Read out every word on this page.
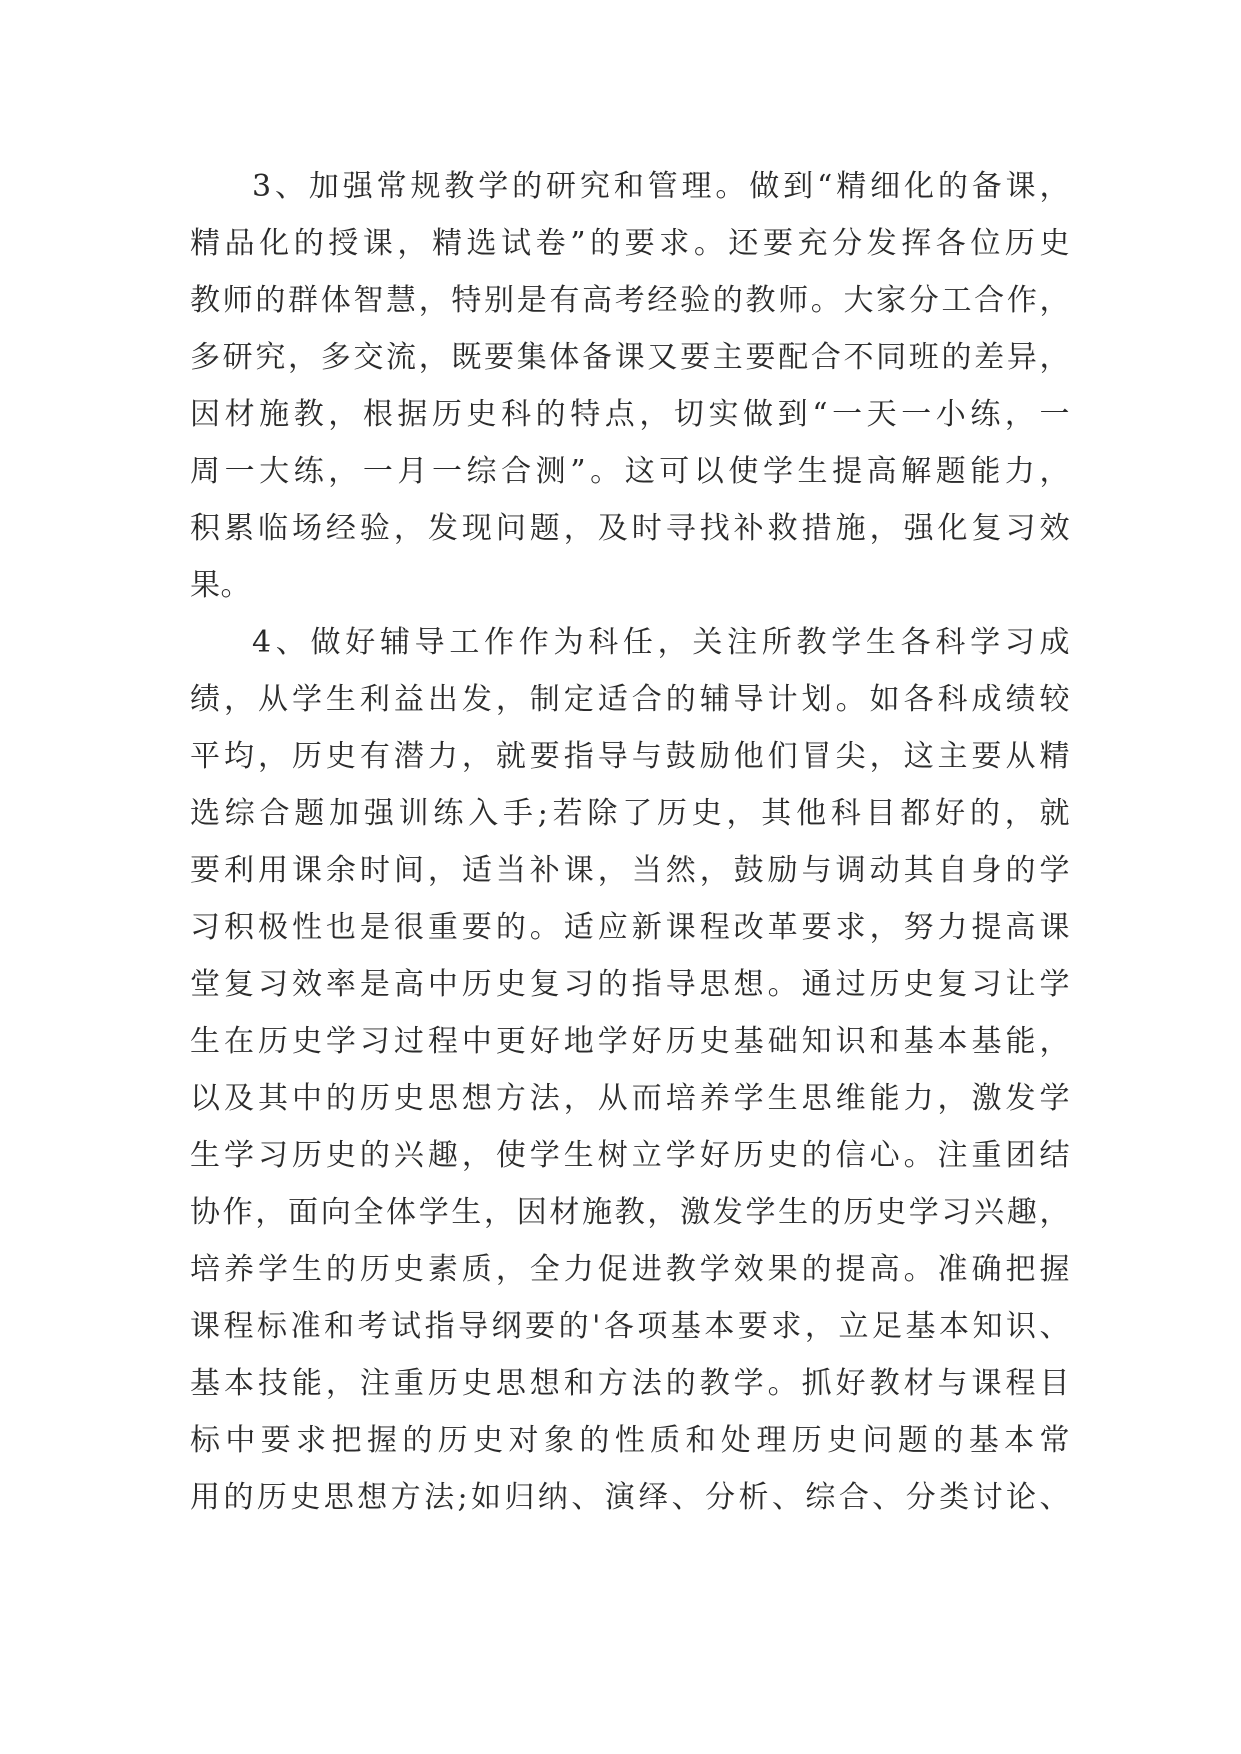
3、加强常规教学的研究和管理。做到“精细化的备课，
精品化的授课，精选试卷”的要求。还要充分发挥各位历史
教师的群体智慧，特别是有高考经验的教师。大家分工合作，
多研究，多交流，既要集体备课又要主要配合不同班的差异，
因材施教，根据历史科的特点，切实做到“一天一小练，一
周一大练，一月一综合测”。这可以使学生提高解题能力，
积累临场经验，发现问题，及时寻找补救措施，强化复习效
果。
4、做好辅导工作作为科任，关注所教学生各科学习成
绩，从学生利益出发，制定适合的辅导计划。如各科成绩较
平均，历史有潜力，就要指导与鼓励他们冒尖，这主要从精
选综合题加强训练入手;若除了历史，其他科目都好的，就
要利用课余时间，适当补课，当然，鼓励与调动其自身的学
习积极性也是很重要的。适应新课程改革要求，努力提高课
堂复习效率是高中历史复习的指导思想。通过历史复习让学
生在历史学习过程中更好地学好历史基础知识和基本基能，
以及其中的历史思想方法，从而培养学生思维能力，激发学
生学习历史的兴趣，使学生树立学好历史的信心。注重团结
协作，面向全体学生，因材施教，激发学生的历史学习兴趣，
培养学生的历史素质，全力促进教学效果的提高。准确把握
课程标准和考试指导纲要的'各项基本要求，立足基本知识、
基本技能，注重历史思想和方法的教学。抓好教材与课程目
标中要求把握的历史对象的性质和处理历史问题的基本常
用的历史思想方法;如归纳、演绎、分析、综合、分类讨论、
